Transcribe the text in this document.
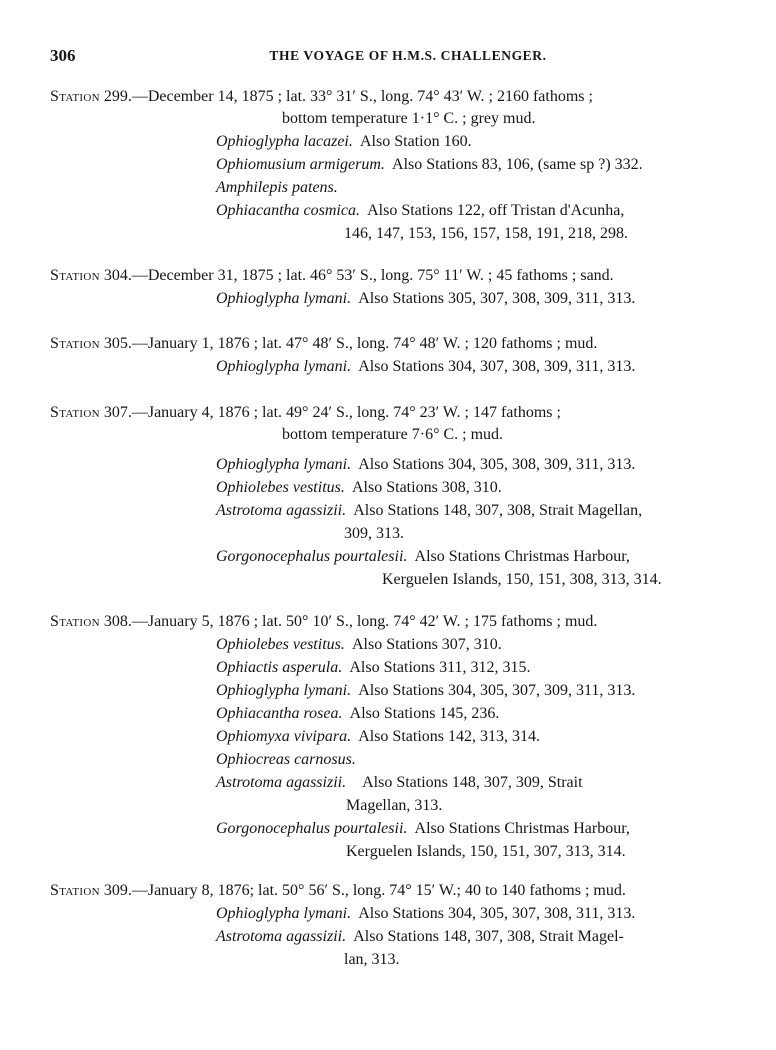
306	THE VOYAGE OF H.M.S. CHALLENGER.
Station 299.—December 14, 1875 ; lat. 33° 31′ S., long. 74° 43′ W. ; 2160 fathoms ;
bottom temperature 1·1° C. ; grey mud.
Ophioglypha lacazei. Also Station 160.
Ophiomusium armigerum. Also Stations 83, 106, (same sp ?) 332.
Amphilepis patens.
Ophiacantha cosmica. Also Stations 122, off Tristan d'Acunha,
146, 147, 153, 156, 157, 158, 191, 218, 298.
Station 304.—December 31, 1875 ; lat. 46° 53′ S., long. 75° 11′ W. ; 45 fathoms ; sand.
Ophioglypha lymani. Also Stations 305, 307, 308, 309, 311, 313.
Station 305.—January 1, 1876 ; lat. 47° 48′ S., long. 74° 48′ W. ; 120 fathoms ; mud.
Ophioglypha lymani. Also Stations 304, 307, 308, 309, 311, 313.
Station 307.—January 4, 1876 ; lat. 49° 24′ S., long. 74° 23′ W. ; 147 fathoms ;
bottom temperature 7·6° C. ; mud.
Ophioglypha lymani. Also Stations 304, 305, 308, 309, 311, 313.
Ophiolebes vestitus. Also Stations 308, 310.
Astrotoma agassizii. Also Stations 148, 307, 308, Strait Magellan,
309, 313.
Gorgonocephalus pourtalesii. Also Stations Christmas Harbour,
Kerguelen Islands, 150, 151, 308, 313, 314.
Station 308.—January 5, 1876 ; lat. 50° 10′ S., long. 74° 42′ W. ; 175 fathoms ; mud.
Ophiolebes vestitus. Also Stations 307, 310.
Ophiactis asperula. Also Stations 311, 312, 315.
Ophioglypha lymani. Also Stations 304, 305, 307, 309, 311, 313.
Ophiacantha rosea. Also Stations 145, 236.
Ophiomyxa vivipara. Also Stations 142, 313, 314.
Ophiocreas carnosus.
Astrotoma agassizii. Also Stations 148, 307, 309, Strait
Magellan, 313.
Gorgonocephalus pourtalesii. Also Stations Christmas Harbour,
Kerguelen Islands, 150, 151, 307, 313, 314.
Station 309.—January 8, 1876; lat. 50° 56′ S., long. 74° 15′ W.; 40 to 140 fathoms ; mud.
Ophioglypha lymani. Also Stations 304, 305, 307, 308, 311, 313.
Astrotoma agassizii. Also Stations 148, 307, 308, Strait Magel-
lan, 313.
